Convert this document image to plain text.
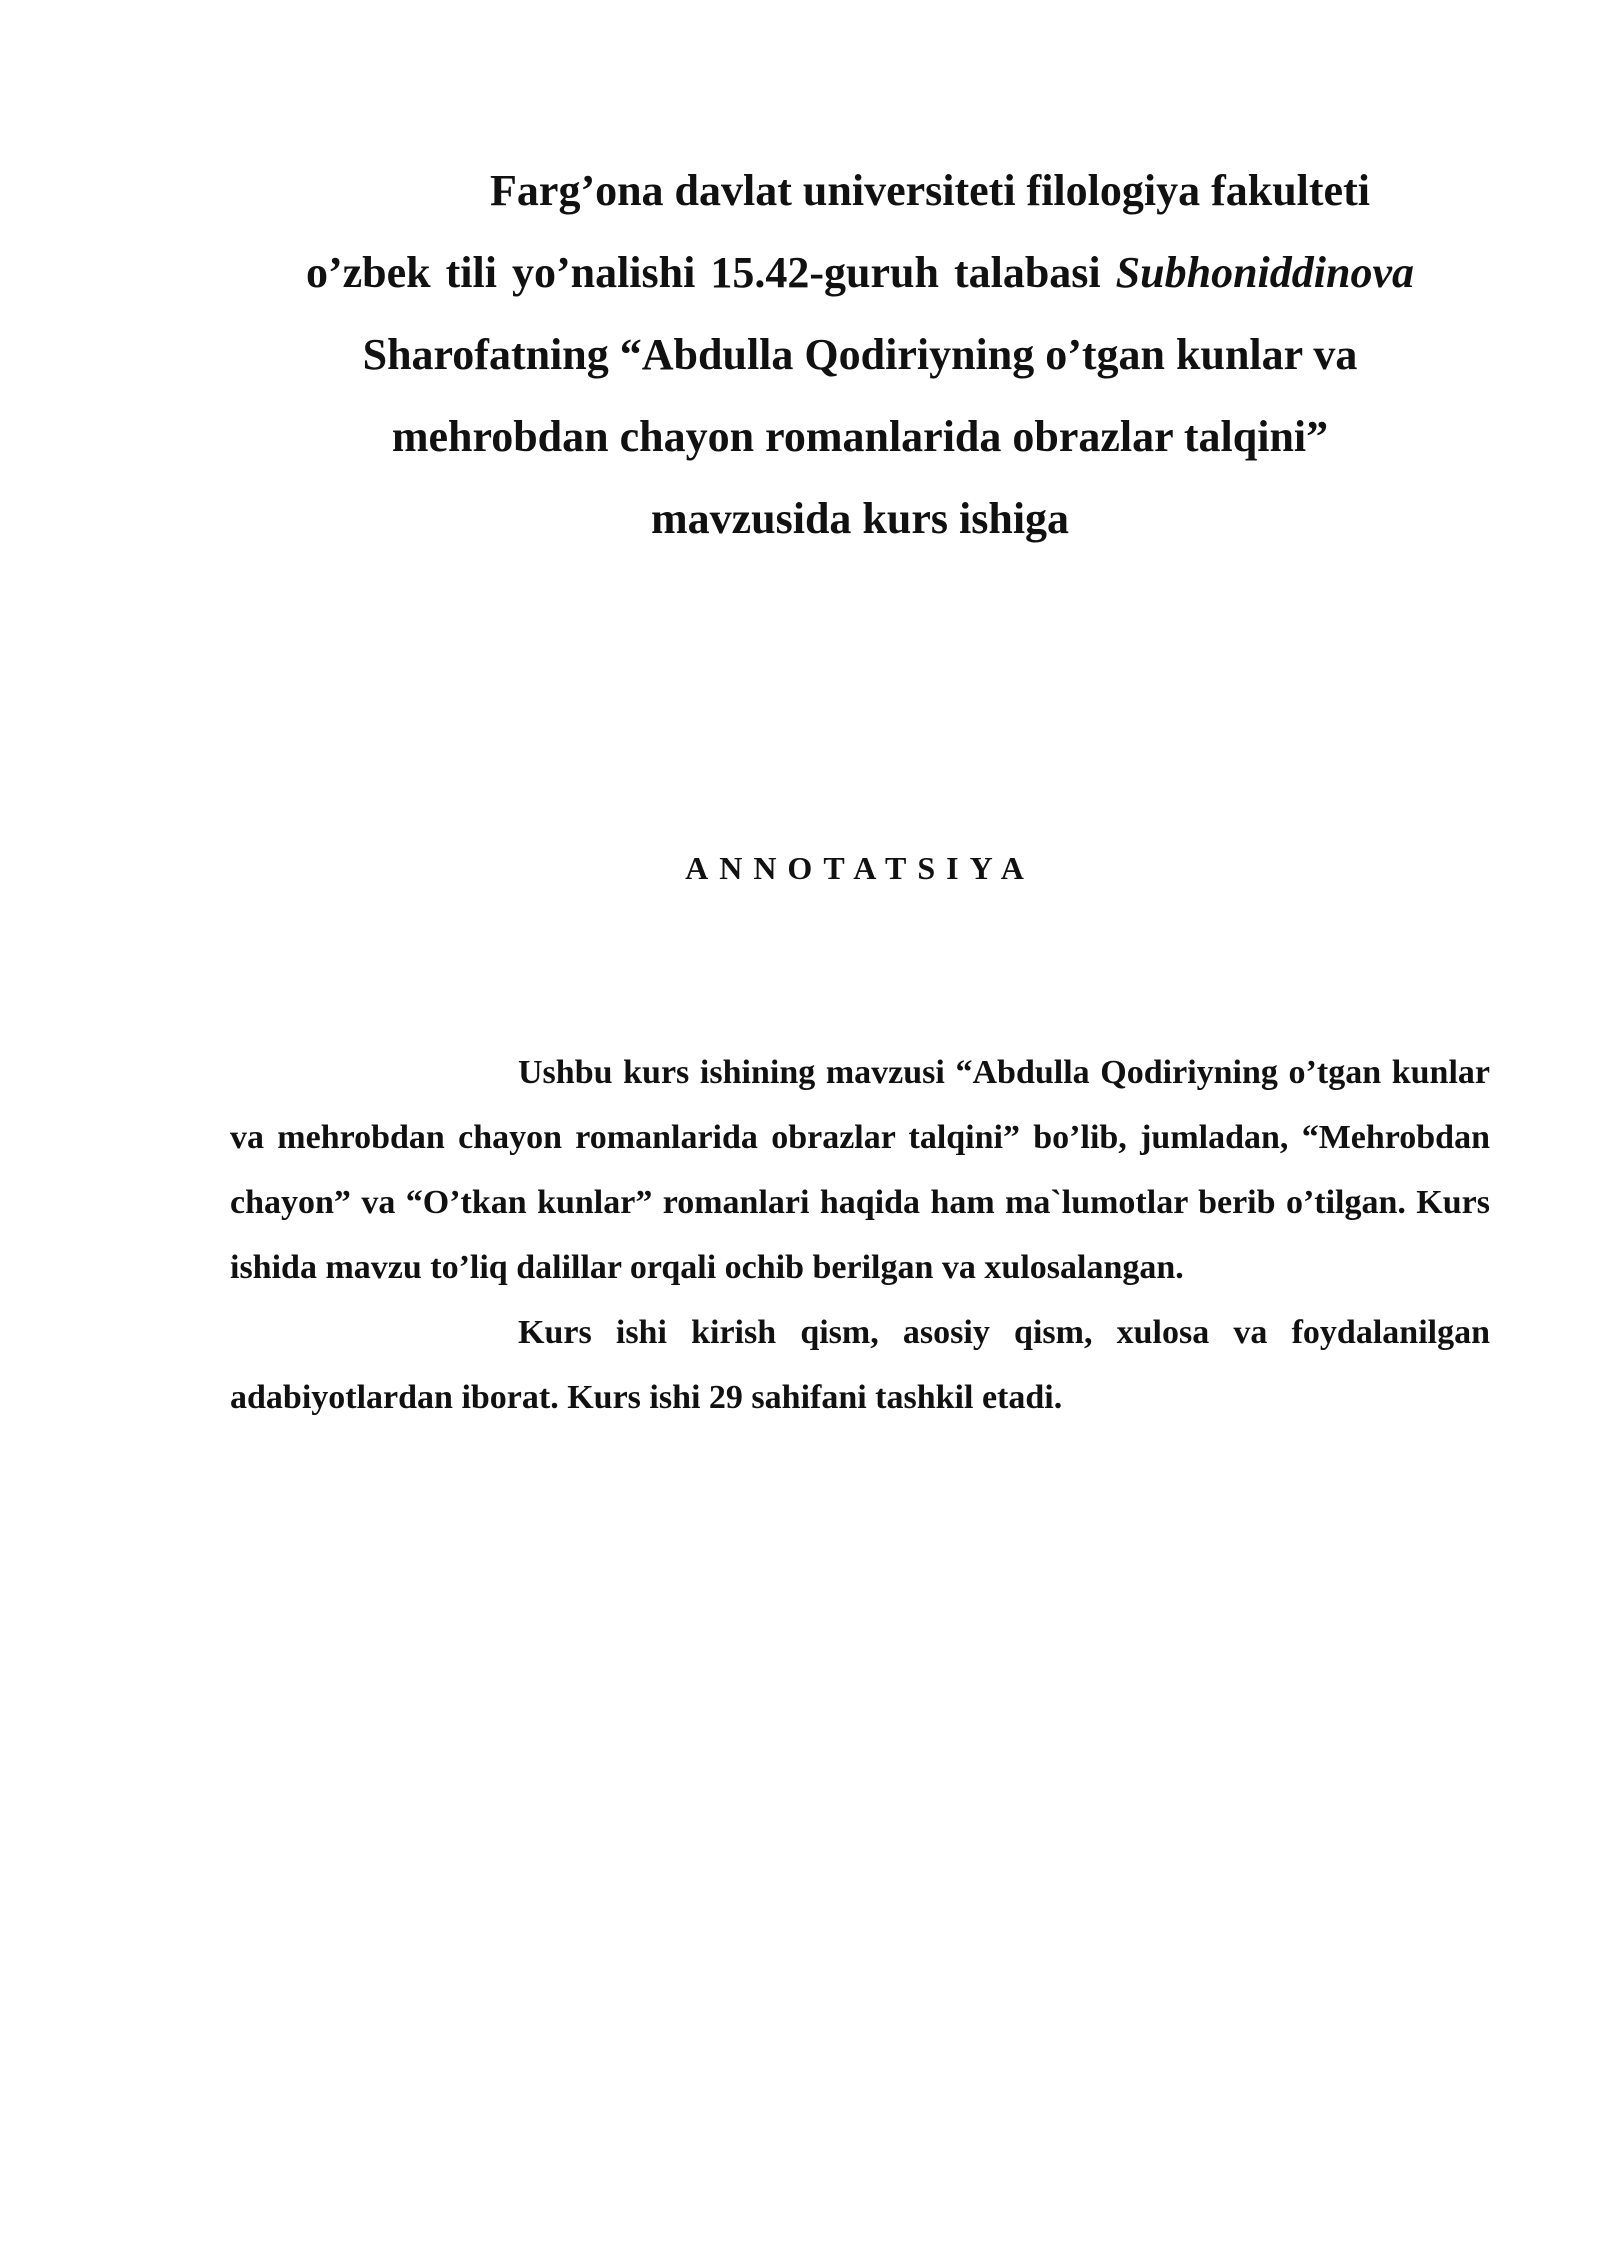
Farg’ona davlat universiteti filologiya fakulteti
o’zbek tili yo’nalishi 15.42-guruh talabasi Subhoniddinova
Sharofatning “Abdulla Qodiriyning o’tgan kunlar va
mehrobdan chayon romanlarida obrazlar talqini”
mavzusida kurs ishiga
ANNOTATSIYA

Ushbu kurs ishining mavzusi “Abdulla Qodiriyning o’tgan kunlar va mehrobdan chayon romanlarida obrazlar talqini” bo’lib, jumladan, “Mehrobdan chayon” va “O’tkan kunlar” romanlari haqida ham ma`lumotlar berib o’tilgan. Kurs ishida mavzu to’liq dalillar orqali ochib berilgan va xulosalangan.

Kurs ishi kirish qism, asosiy qism, xulosa va foydalanilgan adabiyotlardan iborat. Kurs ishi 29 sahifani tashkil etadi.
